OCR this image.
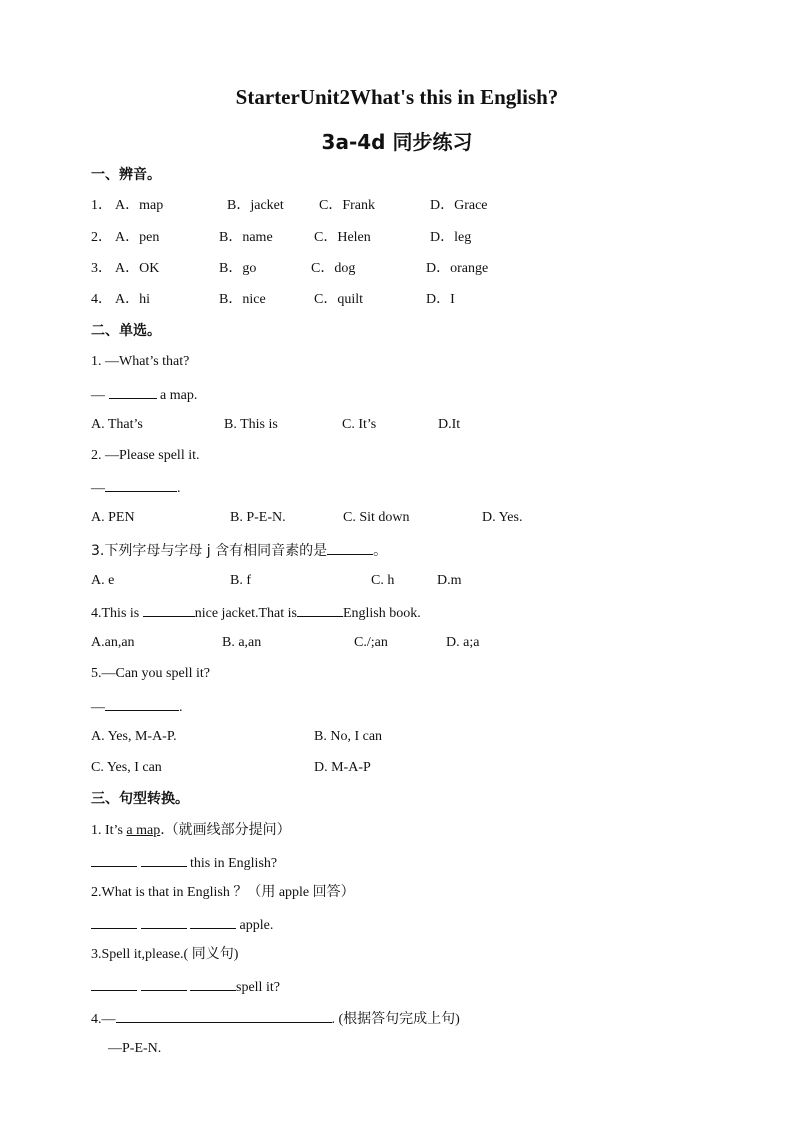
StarterUnit2What's this in English?
3a-4d 同步练习
一、辨音。
1． A．map	B．jacket	C．Frank	D．Grace
2． A．pen	B．name	C．Helen	D．leg
3． A．OK	B．go	C．dog	D．orange
4． A．hi	B．nice	C．quilt	D．I
二、单选。
1. —What’s that?
—	a map.
A. That’s	B. This is	C. It’s	D.It
2. —Please spell it.
—	.
A. PEN	B. P-E-N.	C. Sit down	D. Yes.
3.下列字母与字母 j 含有相同音素的是	。
A. e	B. f	C. h	D.m
4.This is	nice jacket.That is	English book.
A.an,an	B. a,an	C./;an	D. a;a
5.—Can you spell it?
—	.
A. Yes, M-A-P.	B. No, I can
C. Yes, I can	D. M-A-P
三、句型转换。
1. It’s a map.（就画线部分提问）
this in English?
2.What is that in English ？（用 apple 回答）
apple.
3.Spell it,please.( 同义句)
spell it?
4.—	. (根据答句完成上句)
—P-E-N.
